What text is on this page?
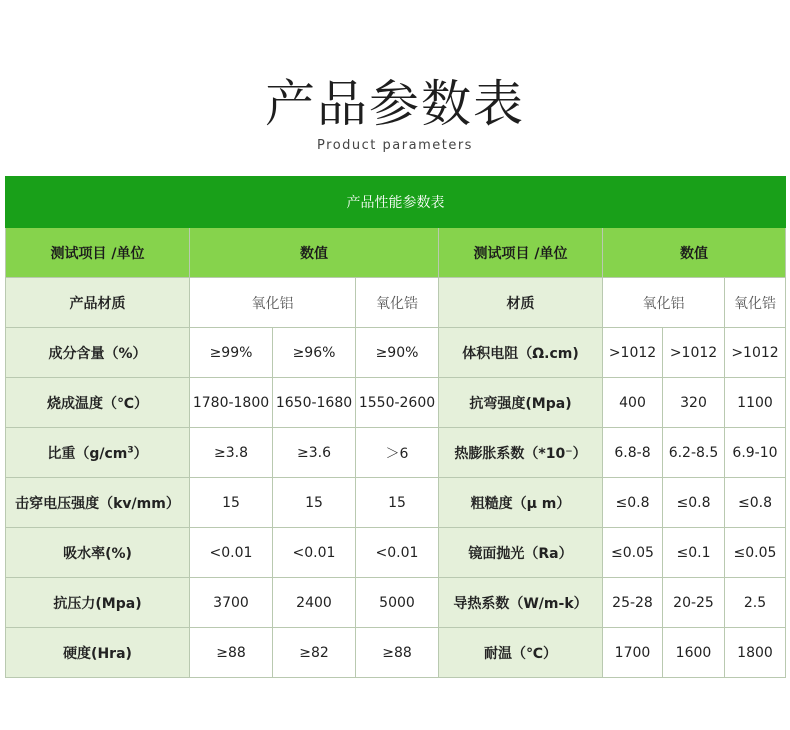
产品参数表
Product parameters
产品性能参数表							
测试项目 /单位	数值			测试项目 /单位	数值		
产品材质	氧化铝		氧化锆	材质	氧化铝		氧化锆
成分含量（%）	≥99%	≥96%	≥90%	体积电阻（Ω.cm)	>1012	>1012	>1012
烧成温度（℃）	1780-1800	1650-1680	1550-2600	抗弯强度(Mpa)	400	320	1100
比重$(g/cm^3)$	≥3.8	≥3.6	＞6	热膨胀系数（*10⁻）	6.8-8	6.2-8.5	6.9-10
击穿电压强度（kv/mm）	15	15	15	粗糙度（μ m）	≤0.8	≤0.8	≤0.8
吸水率(%)	<0.01	<0.01	<0.01	镜面抛光（Ra）	≤0.05	≤0.1	≤0.05
抗压力(Mpa)	3700	2400	5000	导热系数（W/m-k）	25-28	20-25	2.5
硬度(Hra)	≥88	≥82	≥88	耐温（℃）	1700	1600	1800
